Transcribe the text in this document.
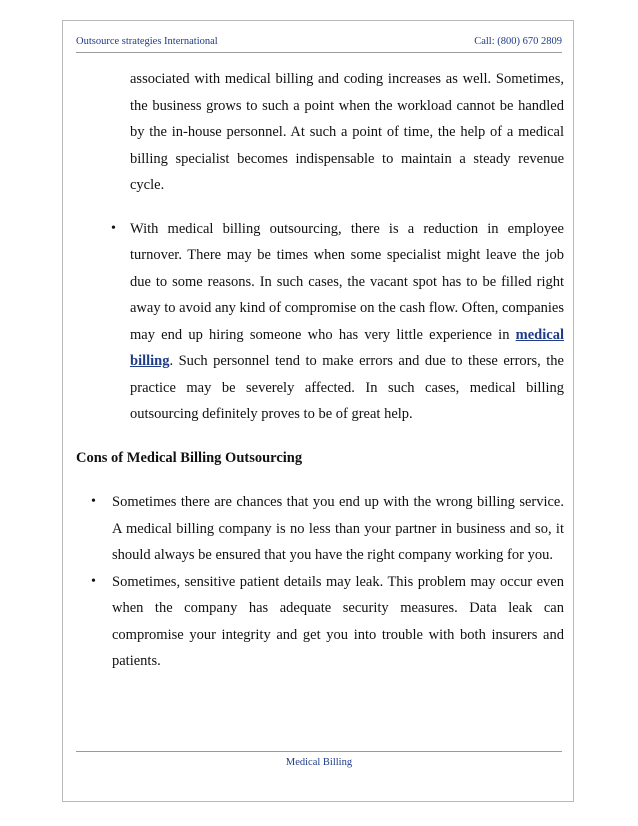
Outsource strategies International	Call: (800) 670 2809

associated with medical billing and coding increases as well. Sometimes, the business grows to such a point when the workload cannot be handled by the in-house personnel. At such a point of time, the help of a medical billing specialist becomes indispensable to maintain a steady revenue cycle.

• With medical billing outsourcing, there is a reduction in employee turnover. There may be times when some specialist might leave the job due to some reasons. In such cases, the vacant spot has to be filled right away to avoid any kind of compromise on the cash flow. Often, companies may end up hiring someone who has very little experience in medical billing. Such personnel tend to make errors and due to these errors, the practice may be severely affected. In such cases, medical billing outsourcing definitely proves to be of great help.

Cons of Medical Billing Outsourcing

• Sometimes there are chances that you end up with the wrong billing service. A medical billing company is no less than your partner in business and so, it should always be ensured that you have the right company working for you.
• Sometimes, sensitive patient details may leak. This problem may occur even when the company has adequate security measures. Data leak can compromise your integrity and get you into trouble with both insurers and patients.
Medical Billing
